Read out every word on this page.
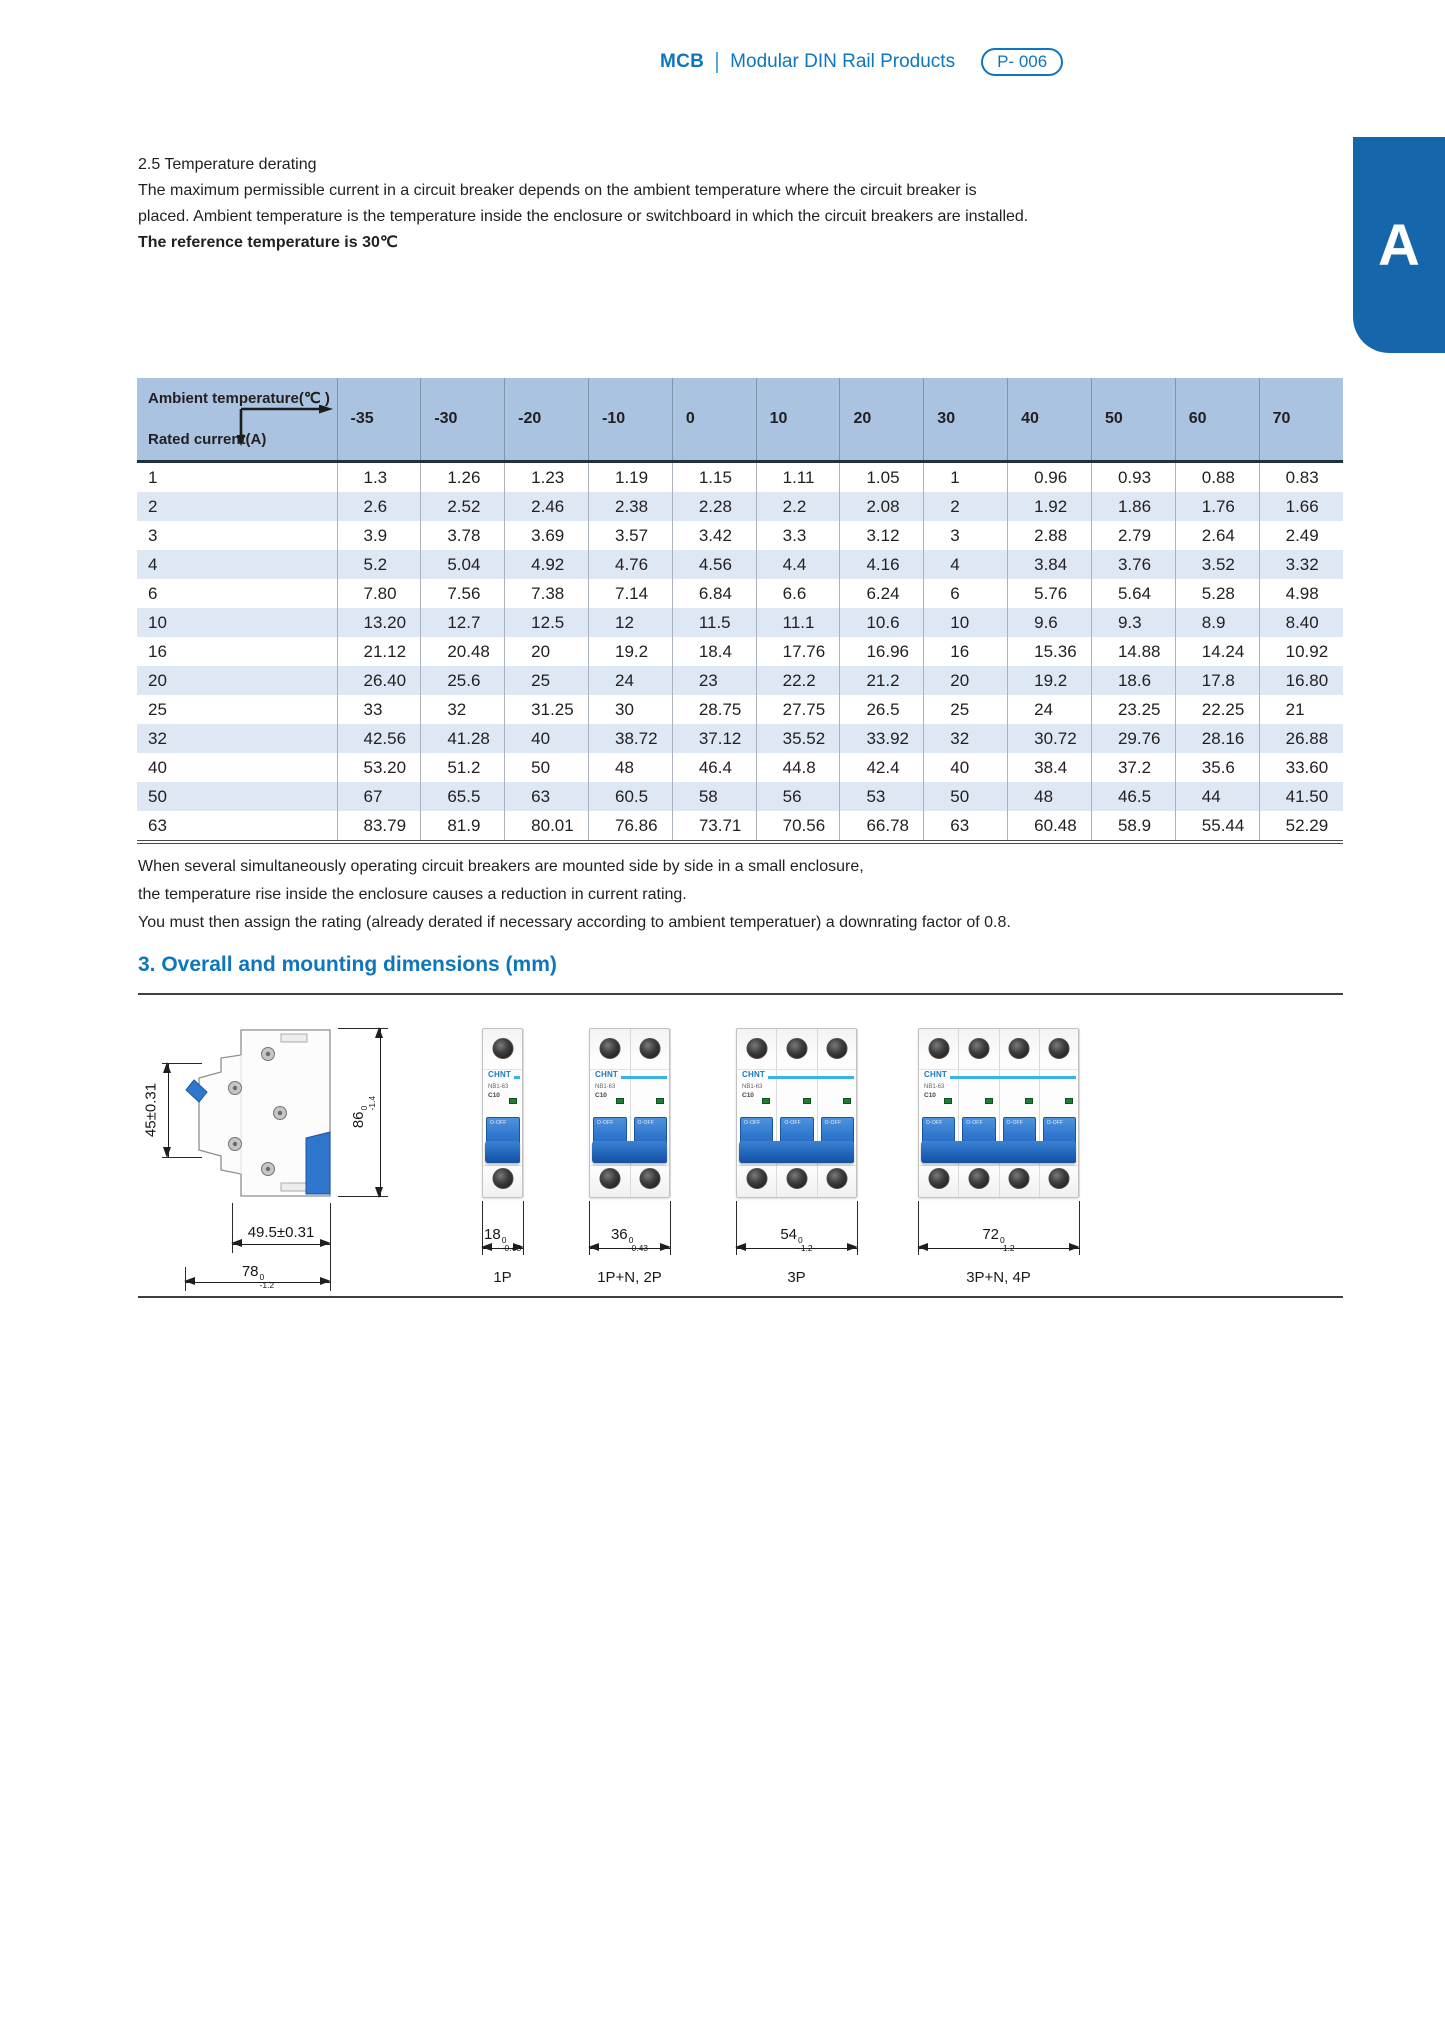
MCB Modular DIN Rail Products	P- 006
A

2.5 Temperature derating

The maximum permissible current in a circuit breaker depends on the ambient temperature where the circuit breaker is

placed. Ambient temperature is the temperature inside the enclosure or switchboard in which the circuit breakers are installed.

The reference temperature is 30℃

Ambient temperature(℃ )
Rated current(A)	-35	-30	-20	-10	0	10	20	30	40	50	60	70
1	1.3	1.26	1.23	1.19	1.15	1.11	1.05	1	0.96	0.93	0.88	0.83
2	2.6	2.52	2.46	2.38	2.28	2.2	2.08	2	1.92	1.86	1.76	1.66
3	3.9	3.78	3.69	3.57	3.42	3.3	3.12	3	2.88	2.79	2.64	2.49
4	5.2	5.04	4.92	4.76	4.56	4.4	4.16	4	3.84	3.76	3.52	3.32
6	7.80	7.56	7.38	7.14	6.84	6.6	6.24	6	5.76	5.64	5.28	4.98
10	13.20	12.7	12.5	12	11.5	11.1	10.6	10	9.6	9.3	8.9	8.40
16	21.12	20.48	20	19.2	18.4	17.76	16.96	16	15.36	14.88	14.24	10.92
20	26.40	25.6	25	24	23	22.2	21.2	20	19.2	18.6	17.8	16.80
25	33	32	31.25	30	28.75	27.75	26.5	25	24	23.25	22.25	21
32	42.56	41.28	40	38.72	37.12	35.52	33.92	32	30.72	29.76	28.16	26.88
40	53.20	51.2	50	48	46.4	44.8	42.4	40	38.4	37.2	35.6	33.60
50	67	65.5	63	60.5	58	56	53	50	48	46.5	44	41.50
63	83.79	81.9	80.01	76.86	73.71	70.56	66.78	63	60.48	58.9	55.44	52.29

When several simultaneously operating circuit breakers are mounted side by side in a small enclosure,

the temperature rise inside the enclosure causes a reduction in current rating.

You must then assign the rating (already derated if necessary according to ambient temperatuer) a downrating factor of 0.8.

3. Overall and mounting dimensions (mm)
45±0.31	86
0
-1.4
49.5±0.31
78 0
-1.2
O-OFF
CHNT
NB1-63
C10
18 0
-0.43
1P
O-OFF	O-OFF
CHNT
NB1-63
C10
36 0
-0.43
1P+N, 2P
O-OFF	O-OFF	O-OFF
CHNT
NB1-63
C10
54 0
-1.2
3P
O-OFF	O-OFF	O-OFF	O-OFF
CHNT
NB1-63
C10
72 0
-1.2
3P+N, 4P
